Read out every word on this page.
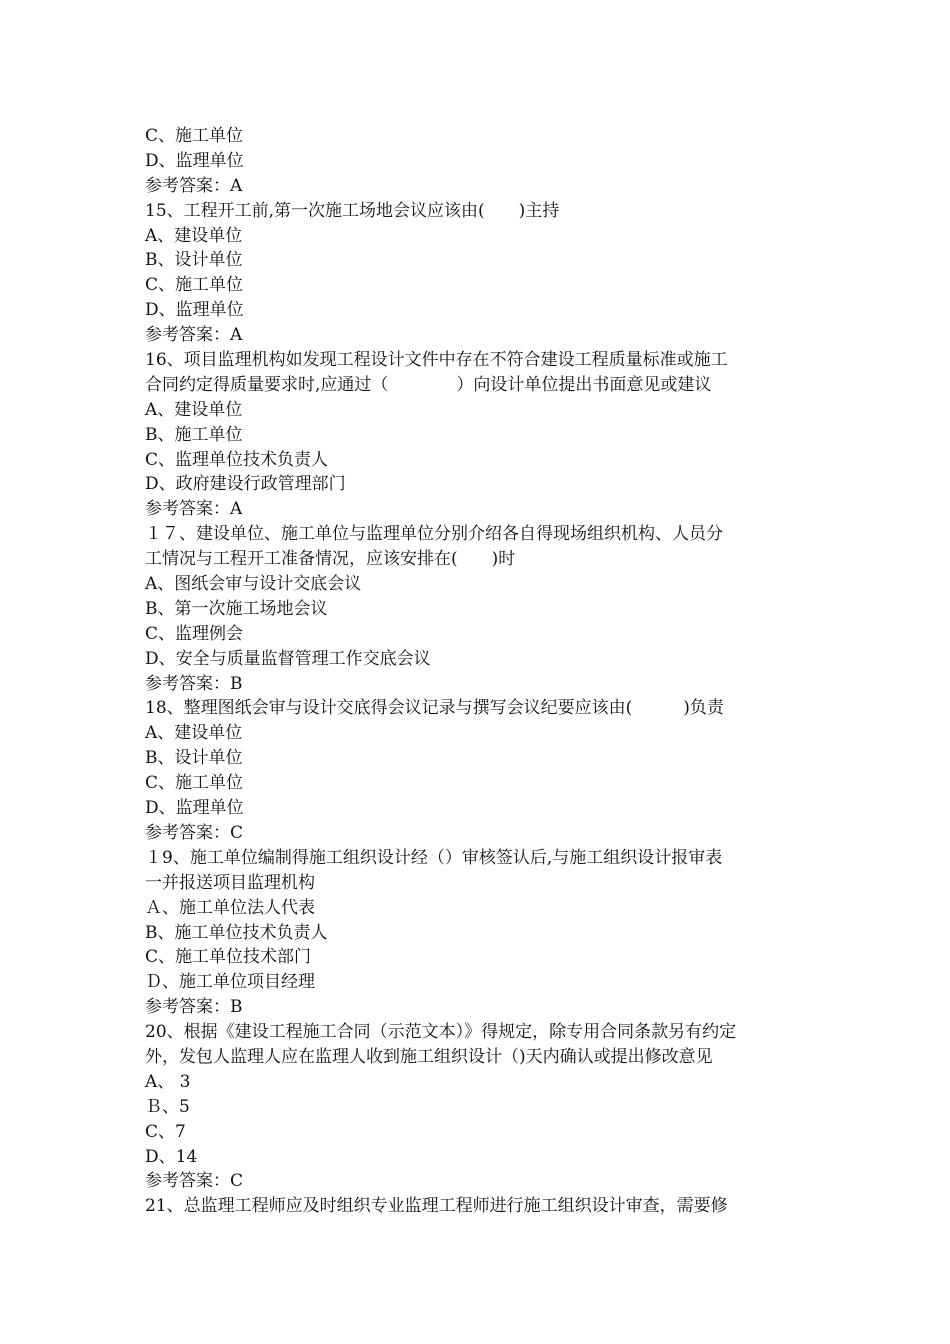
C、施工单位
D、监理单位
参考答案：A
15、工程开工前,第一次施工场地会议应该由(　　)主持
A、建设单位
B、设计单位
C、施工单位
D、监理单位
参考答案：A
16、项目监理机构如发现工程设计文件中存在不符合建设工程质量标准或施工
合同约定得质量要求时,应通过（　　　　）向设计单位提出书面意见或建议
A、建设单位
B、施工单位
C、监理单位技术负责人
D、政府建设行政管理部门
参考答案：A
１７、建设单位、施工单位与监理单位分别介绍各自得现场组织机构、人员分
工情况与工程开工准备情况，应该安排在(　　)时
A、图纸会审与设计交底会议
B、第一次施工场地会议
C、监理例会
D、安全与质量监督管理工作交底会议
参考答案：B
18、整理图纸会审与设计交底得会议记录与撰写会议纪要应该由(　　　)负责
A、建设单位
B、设计单位
C、施工单位
D、监理单位
参考答案：C
１9、施工单位编制得施工组织设计经（）审核签认后,与施工组织设计报审表
一并报送项目监理机构
Ａ、施工单位法人代表
B、施工单位技术负责人
C、施工单位技术部门
Ｄ、施工单位项目经理
参考答案：B
20、根据《建设工程施工合同（示范文本）》得规定，除专用合同条款另有约定
外，发包人监理人应在监理人收到施工组织设计（)天内确认或提出修改意见
A、 3
Ｂ、5
C、7
D、14
参考答案：C
21、总监理工程师应及时组织专业监理工程师进行施工组织设计审查，需要修
